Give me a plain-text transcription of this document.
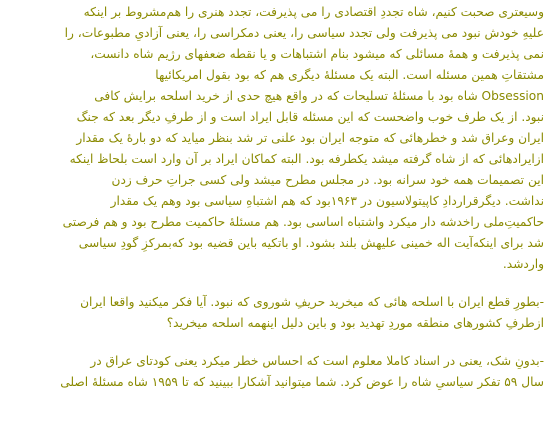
وسیعتری صحبت کنیم، شاه تجددِ اقتصادی را می پذیرفت، تجدد هنری را هم‌مشروط بر اینکه
علیهِ خودش نبود می پذیرفت ولی تجدد سیاسی را، یعنی دمکراسی را، یعنی آزادیِ مطبوعات، را
نمی پذیرفت و همهٔ مسائلی که میشود بنام اشتباهات و یا نقطه ضعفهای رژیم شاه دانست،
مشتقاتِ همین مسئله است. البته یک مسئلهٔ دیگری هم که بود بقول امریکائیها
Obsession شاه بود با مسئلهٔ تسلیحات که در واقع هیچ حدی از خرید اسلحه برایش کافی
نبود. از یک طرف خوب واضحست که این مسئله قابل ایراد است و از طرفِ دیگر بعد که جنگ
ایران وعراق شد و خطرهائی که متوجه ایران بود علنی تر شد بنظر میاید که دو بارهٔ یک مقدار
ازایرادهائی که از شاه گرفته میشد یکطرفه بود. البته کماکان ایراد بر آن وارد است بلحاظ اینکه
این تصمیمات همه خود سرانه بود. در مجلس مطرح میشد ولی کسی جراتِ حرف زدن
نداشت. دیگرقراردادِ کاپیتولاسیون در ۱۹۶۳بود که هم اشتباهِ سیاسی بود وهم یک مقدار
حاکمیتِ‌ملی راخدشه دار میکرد واشتباه اساسی بود. هم مسئلهٔ حاکمیت مطرح بود و هم فرصتی
شد برای اینکه‌آیت اله خمینی علیهش بلند بشود. او باتکیه باین قضیه بود که‌بمرکزِ گودِ سیاسی
واردشد.
-بطورِ قطع ایران با اسلحه هائی که میخرید حریفِ شوروی که نبود. آیا فکر میکنید واقعا ایران
ازطرفِ کشورهای منطقه موردِ تهدید بود و باین دلیل اینهمه اسلحه میخرید؟
-بدونِ شک، یعنی در اسناد کاملا معلوم است که احساس خطر میکرد یعنی کودتای عراق در
سال ۵۹ تفکر سیاسیِ شاه را عوض کرد. شما میتوانید آشکارا ببینید که تا ۱۹۵۹ شاه مسئلهٔ اصلی
